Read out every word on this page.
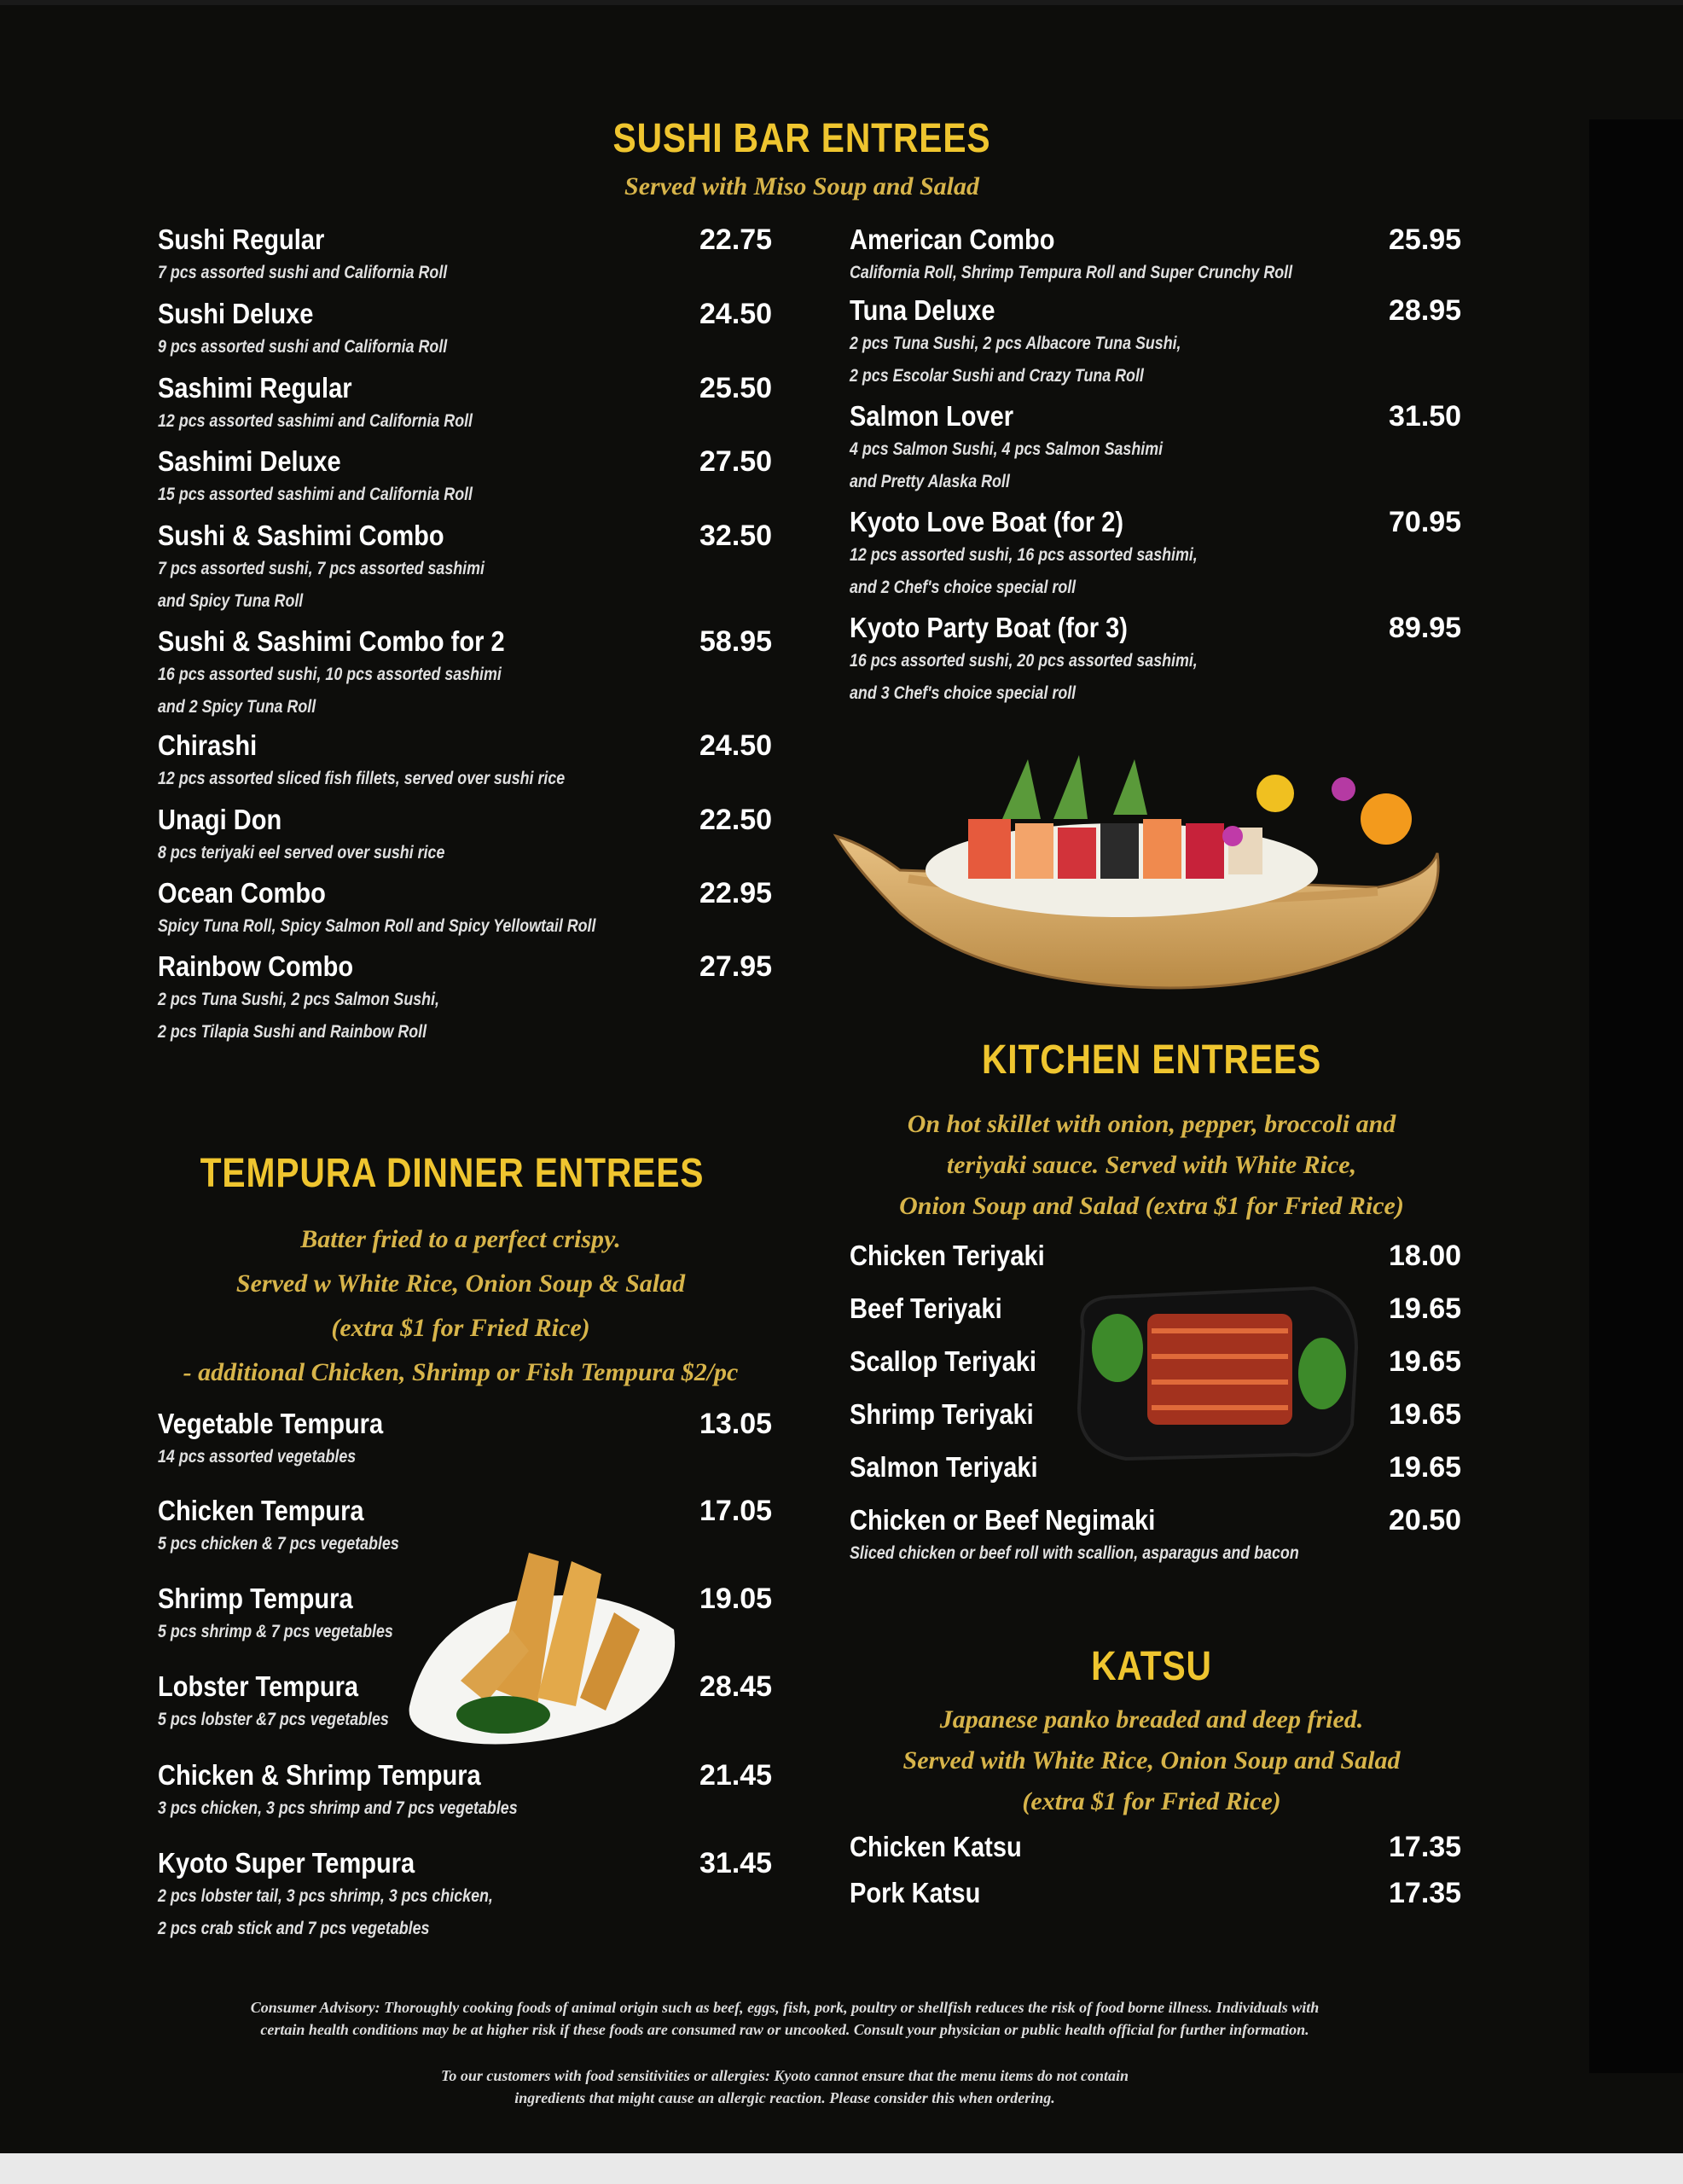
SUSHI BAR ENTREES
Served with Miso Soup and Salad
Sushi Regular	22.75
7 pcs assorted sushi and California Roll
Sushi Deluxe	24.50
9 pcs assorted sushi and California Roll
Sashimi Regular	25.50
12 pcs assorted sashimi and California Roll
Sashimi Deluxe	27.50
15 pcs assorted sashimi and California Roll
Sushi & Sashimi Combo	32.50
7 pcs assorted sushi, 7 pcs assorted sashimi
and Spicy Tuna Roll
Sushi & Sashimi Combo for 2	58.95
16 pcs assorted sushi, 10 pcs assorted sashimi
and 2 Spicy Tuna Roll
Chirashi	24.50
12 pcs assorted sliced fish fillets, served over sushi rice
Unagi Don	22.50
8 pcs teriyaki eel served over sushi rice
Ocean Combo	22.95
Spicy Tuna Roll, Spicy Salmon Roll and Spicy Yellowtail Roll
Rainbow Combo	27.95
2 pcs Tuna Sushi, 2 pcs Salmon Sushi,
2 pcs Tilapia Sushi and Rainbow Roll
American Combo	25.95
California Roll, Shrimp Tempura Roll and Super Crunchy Roll
Tuna Deluxe	28.95
2 pcs Tuna Sushi, 2 pcs Albacore Tuna Sushi,
2 pcs Escolar Sushi and Crazy Tuna Roll
Salmon Lover	31.50
4 pcs Salmon Sushi, 4 pcs Salmon Sashimi
and Pretty Alaska Roll
Kyoto Love Boat (for 2)	70.95
12 pcs assorted sushi, 16 pcs assorted sashimi,
and 2 Chef's choice special roll
Kyoto Party Boat (for 3)	89.95
16 pcs assorted sushi, 20 pcs assorted sashimi,
and 3 Chef's choice special roll
KITCHEN ENTREES
On hot skillet with onion, pepper, broccoli and
teriyaki sauce. Served with White Rice,
Onion Soup and Salad (extra $1 for Fried Rice)
Chicken Teriyaki	18.00
Beef Teriyaki	19.65
Scallop Teriyaki	19.65
Shrimp Teriyaki	19.65
Salmon Teriyaki	19.65
Chicken or Beef Negimaki	20.50
Sliced chicken or beef roll with scallion, asparagus and bacon
KATSU
Japanese panko breaded and deep fried.
Served with White Rice, Onion Soup and Salad
(extra $1 for Fried Rice)
Chicken Katsu	17.35
Pork Katsu	17.35
TEMPURA DINNER ENTREES
Batter fried to a perfect crispy.
Served w White Rice, Onion Soup & Salad
(extra $1 for Fried Rice)
- additional Chicken, Shrimp or Fish Tempura $2/pc
Vegetable Tempura	13.05
14 pcs assorted vegetables
Chicken Tempura	17.05
5 pcs chicken & 7 pcs vegetables
Shrimp Tempura	19.05
5 pcs shrimp & 7 pcs vegetables
Lobster Tempura	28.45
5 pcs lobster &7 pcs vegetables
Chicken & Shrimp Tempura	21.45
3 pcs chicken, 3 pcs shrimp and 7 pcs vegetables
Kyoto Super Tempura	31.45
2 pcs lobster tail, 3 pcs shrimp, 3 pcs chicken,
2 pcs crab stick and 7 pcs vegetables
Consumer Advisory: Thoroughly cooking foods of animal origin such as beef, eggs, fish, pork, poultry or shellfish reduces the risk of food borne illness. Individuals with
certain health conditions may be at higher risk if these foods are consumed raw or uncooked. Consult your physician or public health official for further information.
To our customers with food sensitivities or allergies: Kyoto cannot ensure that the menu items do not contain
ingredients that might cause an allergic reaction. Please consider this when ordering.
